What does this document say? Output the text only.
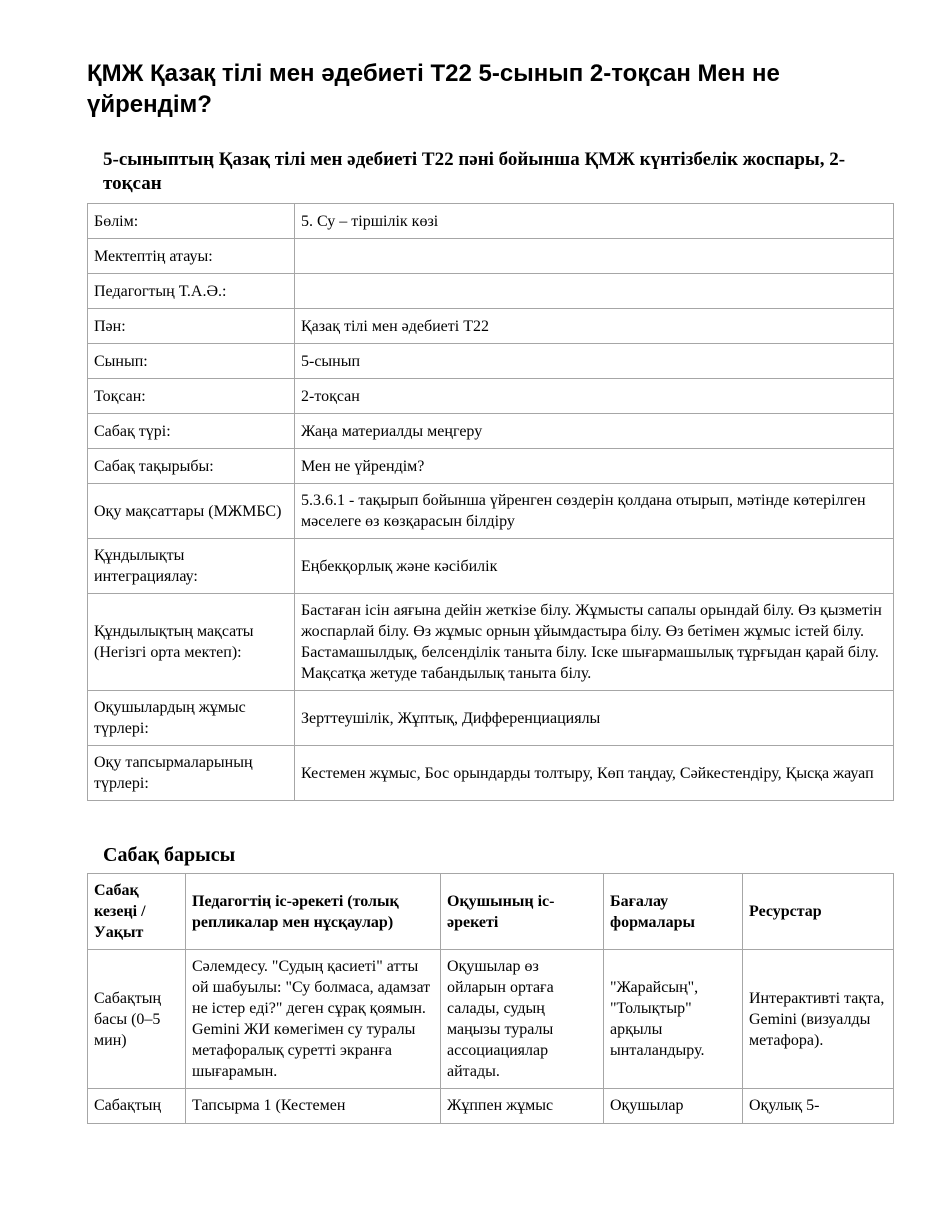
ҚМЖ Қазақ тілі мен әдебиеті Т22 5-сынып 2-тоқсан Мен не үйрендім?

5-сыныптың Қазақ тілі мен әдебиеті Т22 пәні бойынша ҚМЖ күнтізбелік жоспары, 2-тоқсан

Бөлім:	5. Су – тіршілік көзі
Мектептің атауы:	
Педагогтың Т.А.Ә.:	
Пән:	Қазақ тілі мен әдебиеті Т22
Сынып:	5-сынып
Тоқсан:	2-тоқсан
Сабақ түрі:	Жаңа материалды меңгеру
Сабақ тақырыбы:	Мен не үйрендім?
Оқу мақсаттары (МЖМБС)	5.3.6.1 - тақырып бойынша үйренген сөздерін қолдана отырып, мәтінде көтерілген мәселеге өз көзқарасын білдіру
Құндылықты интеграциялау:	Еңбекқорлық және кәсібилік
Құндылықтың мақсаты (Негізгі орта мектеп):	Бастаған ісін аяғына дейін жеткізе білу. Жұмысты сапалы орындай білу. Өз қызметін жоспарлай білу. Өз жұмыс орнын ұйымдастыра білу. Өз бетімен жұмыс істей білу. Бастамашылдық, белсенділік таныта білу. Іске шығармашылық тұрғыдан қарай білу. Мақсатқа жетуде табандылық таныта білу.
Оқушылардың жұмыс түрлері:	Зерттеушілік, Жұптық, Дифференциациялы
Оқу тапсырмаларының түрлері:	Кестемен жұмыс, Бос орындарды толтыру, Көп таңдау, Сәйкестендіру, Қысқа жауап
Сабақ барысы
Сабақ кезеңі / Уақыт	Педагогтің іс-әрекеті (толық репликалар мен нұсқаулар)	Оқушының іс-әрекеті	Бағалау формалары	Ресурстар
Сабақтың басы (0–5 мин)	Сәлемдесу. "Судың қасиеті" атты ой шабуылы: "Су болмаса, адамзат не істер еді?" деген сұрақ қоямын. Gemini ЖИ көмегімен су туралы метафоралық суретті экранға шығарамын.	Оқушылар өз ойларын ортаға салады, судың маңызы туралы ассоциациялар айтады.	"Жарайсың", "Толықтыр" арқылы ынталандыру.	Интерактивті тақта, Gemini (визуалды метафора).
Сабақтың	Тапсырма 1 (Кестемен	Жұппен жұмыс	Оқушылар	Оқулық 5-
